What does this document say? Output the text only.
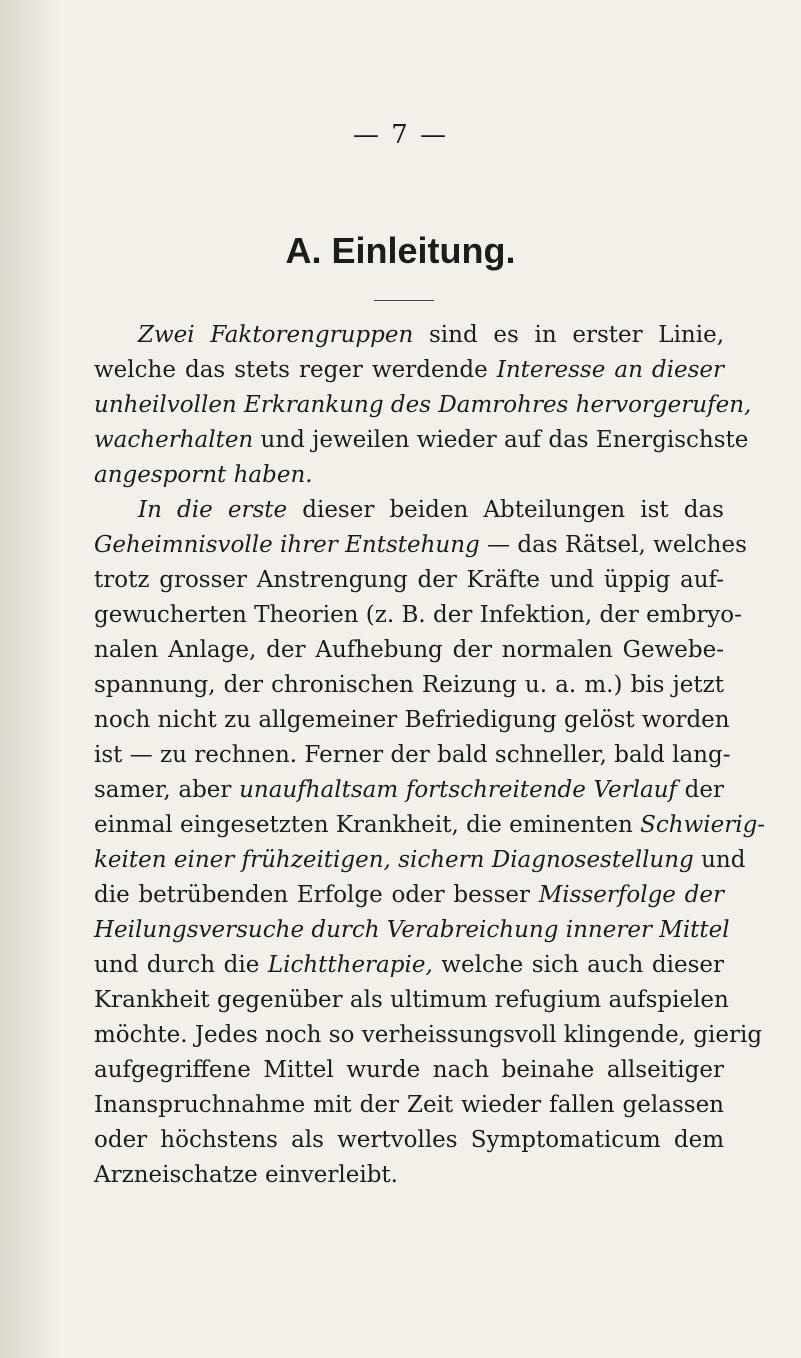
— 7 —
A. Einleitung.

Zwei Faktorengruppen sind es in erster Linie,
welche das stets reger werdende Interesse an dieser
unheilvollen Erkrankung des Damrohres hervorgerufen,
wacherhalten und jeweilen wieder auf das Energischste
angespornt haben.

In die erste dieser beiden Abteilungen ist das
Geheimnisvolle ihrer Entstehung — das Rätsel, welches
trotz grosser Anstrengung der Kräfte und üppig auf-
gewucherten Theorien (z. B. der Infektion, der embryo-
nalen Anlage, der Aufhebung der normalen Gewebe-
spannung, der chronischen Reizung u. a. m.) bis jetzt
noch nicht zu allgemeiner Befriedigung gelöst worden
ist — zu rechnen. Ferner der bald schneller, bald lang-
samer, aber unaufhaltsam fortschreitende Verlauf der
einmal eingesetzten Krankheit, die eminenten Schwierig-
keiten einer frühzeitigen, sichern Diagnosestellung und
die betrübenden Erfolge oder besser Misserfolge der
Heilungsversuche durch Verabreichung innerer Mittel
und durch die Lichttherapie, welche sich auch dieser
Krankheit gegenüber als ultimum refugium aufspielen
möchte. Jedes noch so verheissungsvoll klingende, gierig
aufgegriffene Mittel wurde nach beinahe allseitiger
Inanspruchnahme mit der Zeit wieder fallen gelassen
oder höchstens als wertvolles Symptomaticum dem
Arzneischatze einverleibt.
